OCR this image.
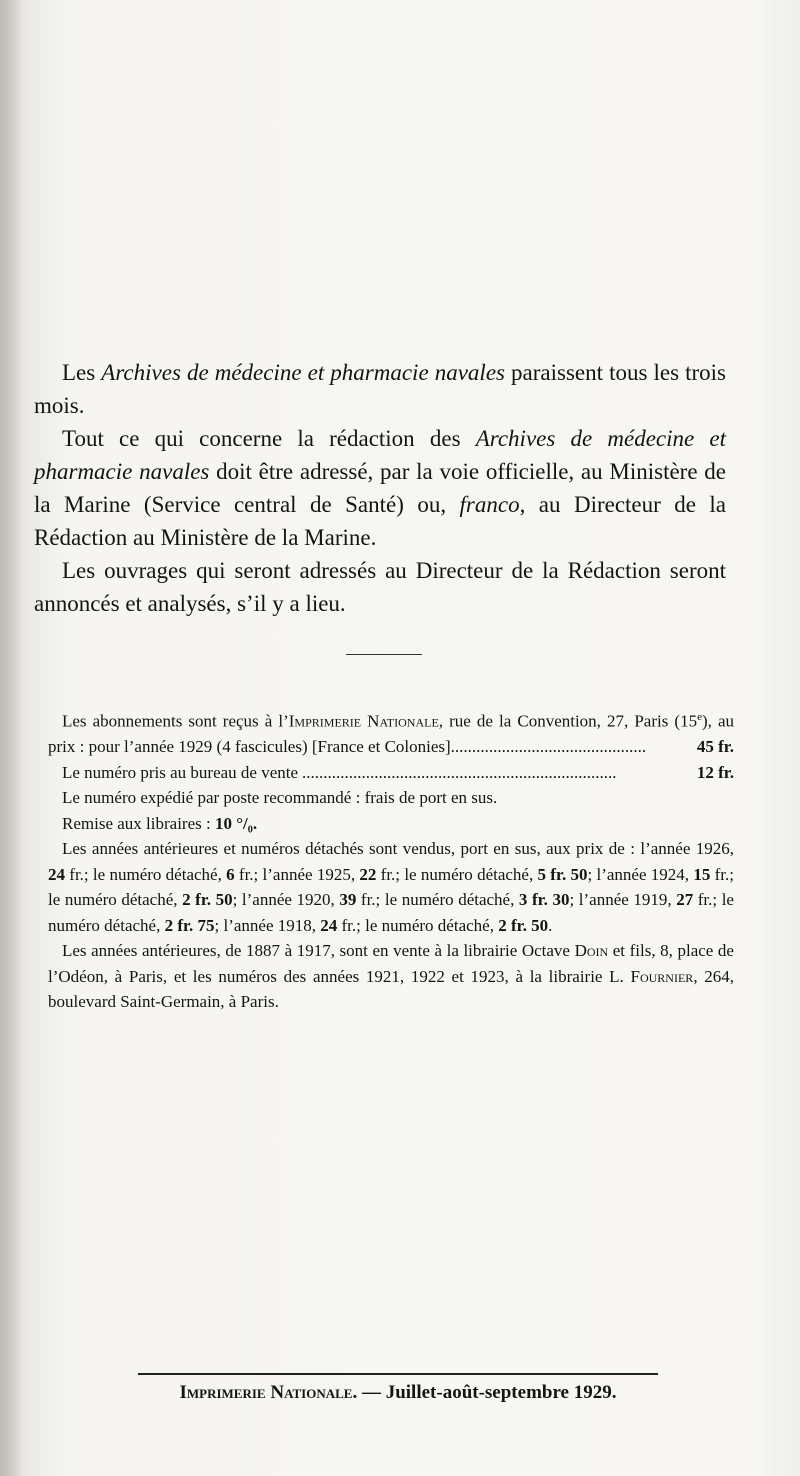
Les Archives de médecine et pharmacie navales paraissent tous les trois mois.

Tout ce qui concerne la rédaction des Archives de médecine et pharmacie navales doit être adressé, par la voie officielle, au Ministère de la Marine (Service central de Santé) ou, franco, au Directeur de la Rédaction au Ministère de la Marine.

Les ouvrages qui seront adressés au Directeur de la Rédaction seront annoncés et analysés, s’il y a lieu.

Les abonnements sont reçus à l’Imprimerie Nationale, rue de la Convention, 27, Paris (15e), au prix : pour l’année 1929 (4 fascicules) [France et Colonies]..............................................	45 fr.

Le numéro pris au bureau de vente ..........................................................................	12 fr.

Le numéro expédié par poste recommandé : frais de port en sus.

Remise aux libraires : 10 °/₀.

Les années antérieures et numéros détachés sont vendus, port en sus, aux prix de : l’année 1926, 24 fr.; le numéro détaché, 6 fr.; l’année 1925, 22 fr.; le numéro détaché, 5 fr. 50; l’année 1924, 15 fr.; le numéro détaché, 2 fr. 50; l’année 1920, 39 fr.; le numéro détaché, 3 fr. 30; l’année 1919, 27 fr.; le numéro détaché, 2 fr. 75; l’année 1918, 24 fr.; le numéro détaché, 2 fr. 50.

Les années antérieures, de 1887 à 1917, sont en vente à la librairie Octave Doin et fils, 8, place de l’Odéon, à Paris, et les numéros des années 1921, 1922 et 1923, à la librairie L. Fournier, 264, boulevard Saint-Germain, à Paris.

Imprimerie Nationale. — Juillet-août-septembre 1929.
